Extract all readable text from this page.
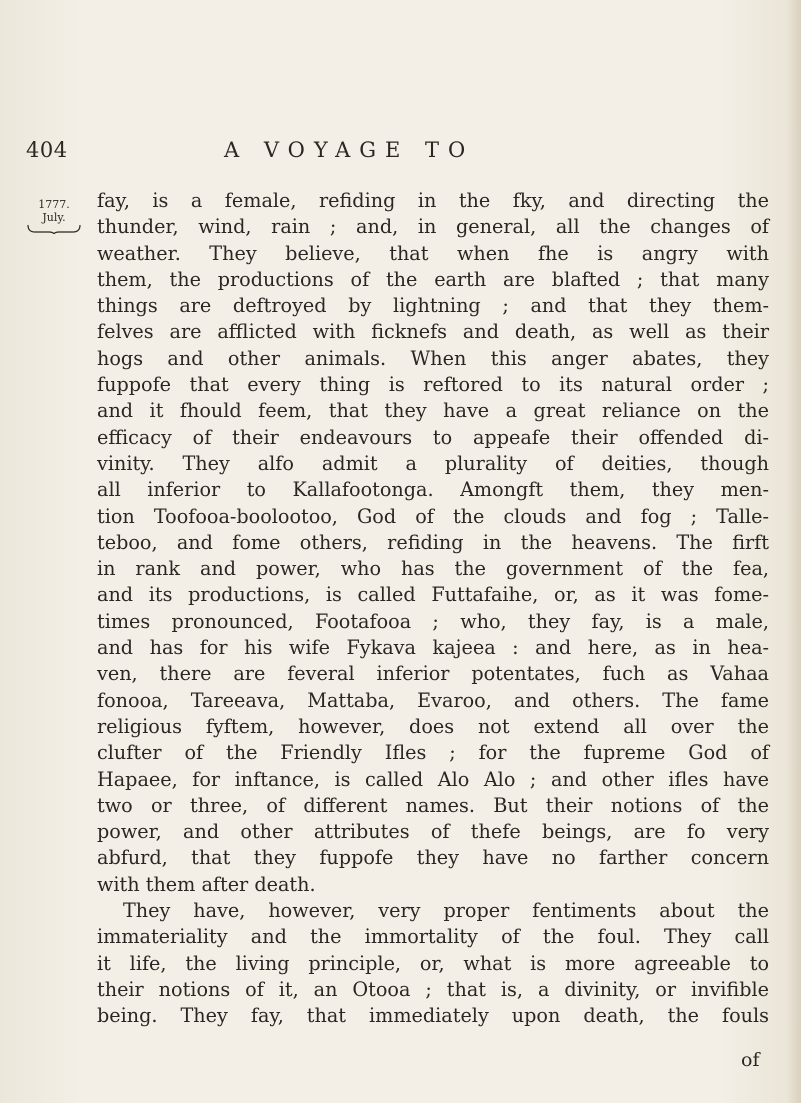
404	A VOYAGE TO
1777.
July.
fay, is a female, refiding in the fky, and directing the
thunder, wind, rain ; and, in general, all the changes of
weather. They believe, that when fhe is angry with
them, the productions of the earth are blafted ; that many
things are deftroyed by lightning ; and that they them-
felves are afflicted with ficknefs and death, as well as their
hogs and other animals. When this anger abates, they
fuppofe that every thing is reftored to its natural order ;
and it fhould feem, that they have a great reliance on the
efficacy of their endeavours to appeafe their offended di-
vinity. They alfo admit a plurality of deities, though
all inferior to Kallafootonga. Amongft them, they men-
tion Toofooa-boolootoo, God of the clouds and fog ; Talle-
teboo, and fome others, refiding in the heavens. The firft
in rank and power, who has the government of the fea,
and its productions, is called Futtafaihe, or, as it was fome-
times pronounced, Footafooa ; who, they fay, is a male,
and has for his wife Fykava kajeea : and here, as in hea-
ven, there are feveral inferior potentates, fuch as Vahaa
fonooa, Tareeava, Mattaba, Evaroo, and others. The fame
religious fyftem, however, does not extend all over the
clufter of the Friendly Ifles ; for the fupreme God of
Hapaee, for inftance, is called Alo Alo ; and other ifles have
two or three, of different names. But their notions of the
power, and other attributes of thefe beings, are fo very
abfurd, that they fuppofe they have no farther concern
with them after death.
They have, however, very proper fentiments about the
immateriality and the immortality of the foul. They call
it life, the living principle, or, what is more agreeable to
their notions of it, an Otooa ; that is, a divinity, or invifible
being. They fay, that immediately upon death, the fouls
of
